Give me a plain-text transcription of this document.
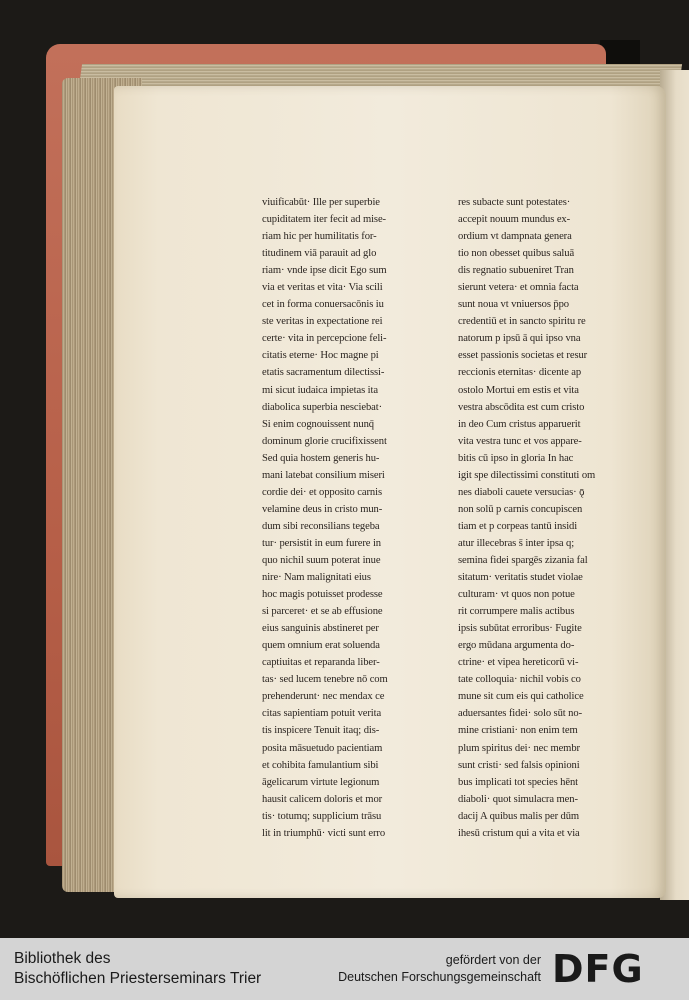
viuificabūt· Ille per superbie
cupiditatem iter fecit ad mise-
riam hic per humilitatis for-
titudinem viā parauit ad glo
riam· vnde ipse dicit Ego sum
via et veritas et vita· Via scili
cet in forma conuersacōnis iu
ste veritas in expectatione rei
certe· vita in percepcione feli-
citatis eterne· Hoc magne pi
etatis sacramentum dilectissi-
mi sicut iudaica impietas ita
diabolica superbia nesciebat·
Si enim cognouissent nunq̄
dominum glorie crucifixissent
Sed quia hostem generis hu-
mani latebat consilium miseri
cordie dei· et opposito carnis
velamine deus in cristo mun-
dum sibi reconsilians tegeba
tur· persistit in eum furere in
quo nichil suum poterat inue
nire· Nam malignitati eius
hoc magis potuisset prodesse
si parceret· et se ab effusione
eius sanguinis abstineret per
quem omnium erat soluenda
captiuitas et reparanda liber-
tas· sed lucem tenebre nō com
prehenderunt· nec mendax ce
citas sapientiam potuit verita
tis inspicere Tenuit itaq; dis-
posita māsuetudo pacientiam
et cohibita famulantium sibi
āgelicarum virtute legionum
hausit calicem doloris et mor
tis· totumq; supplicium trāsu
lit in triumphū· victi sunt erro
res subacte sunt potestates·
accepit nouum mundus ex-
ordium vt dampnata genera
tio non obesset quibus saluā
dis regnatio subueniret Tran
sierunt vetera· et omnia facta
sunt noua vt vniuersos p̄po
credentiū et in sancto spiritu re
natorum p ipsū ā qui ipso vna
esset passionis societas et resur
reccionis eternitas· dicente ap
ostolo Mortui em estis et vita
vestra abscōdita est cum cristo
in deo Cum cristus apparuerit
vita vestra tunc et vos appare-
bitis cū ipso in gloria In hac
igit spe dilectissimi constituti om
nes diaboli cauete versucias· ǭ
non solū p carnis concupiscen
tiam et p corpeas tantū insidi
atur illecebras s̄ inter ipsa q;
semina fidei spargēs zizania fal
sitatum· veritatis studet violae
culturam· vt quos non potue
rit corrumpere malis actibus
ipsis subūtat erroribus· Fugite
ergo mūdana argumenta do-
ctrine· et vipea hereticorū vi-
tate colloquia· nichil vobis co
mune sit cum eis qui catholice
aduersantes fidei· solo sūt no-
mine cristiani· non enim tem
plum spiritus dei· nec membr
sunt cristi· sed falsis opinioni
bus implicati tot species hēnt
diaboli· quot simulacra men-
dacij A quibus malis per dūm
ihesū cristum qui a vita et via
Bibliothek des
Bischöflichen Priesterseminars Trier
gefördert von der
Deutschen Forschungsgemeinschaft DFG
